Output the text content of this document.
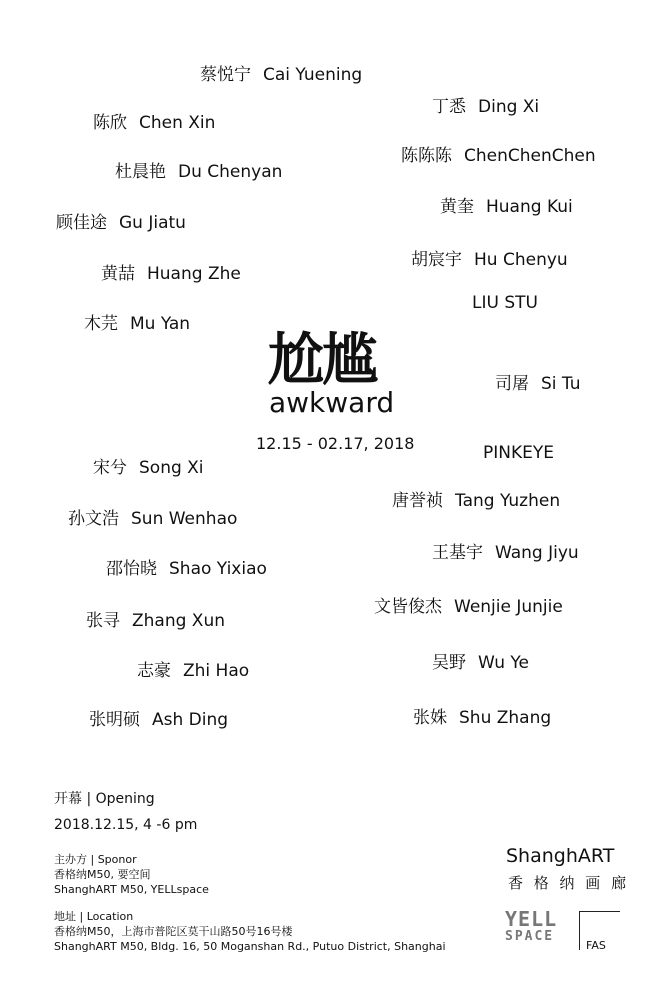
蔡悦宁 Cai Yuening
陈欣 Chen Xin
杜晨艳 Du Chenyan
顾佳途 Gu Jiatu
黄喆 Huang Zhe
木芫 Mu Yan
宋兮 Song Xi
孙文浩 Sun Wenhao
邵怡晓 Shao Yixiao
张寻 Zhang Xun
志豪 Zhi Hao
张明硕 Ash Ding
丁悉 Ding Xi
陈陈陈 ChenChenChen
黄奎 Huang Kui
胡宸宇 Hu Chenyu
LIU STU
司屠 Si Tu
PINKEYE
唐誉祯 Tang Yuzhen
王基宇 Wang Jiyu
文皆俊杰 Wenjie Junjie
吴野 Wu Ye
张姝 Shu Zhang
尬尴
awkward
12.15 - 02.17, 2018
开幕 | Opening
2018.12.15, 4 -6 pm
主办方 | Sponor
香格纳M50, 要空间
ShanghART M50, YELLspace
地址 | Location
香格纳M50，上海市普陀区莫干山路50号16号楼
ShanghART M50, Bldg. 16, 50 Moganshan Rd., Putuo District, Shanghai
ShanghART
香 格 纳 画 廊
YELL
SPACE
FAS
